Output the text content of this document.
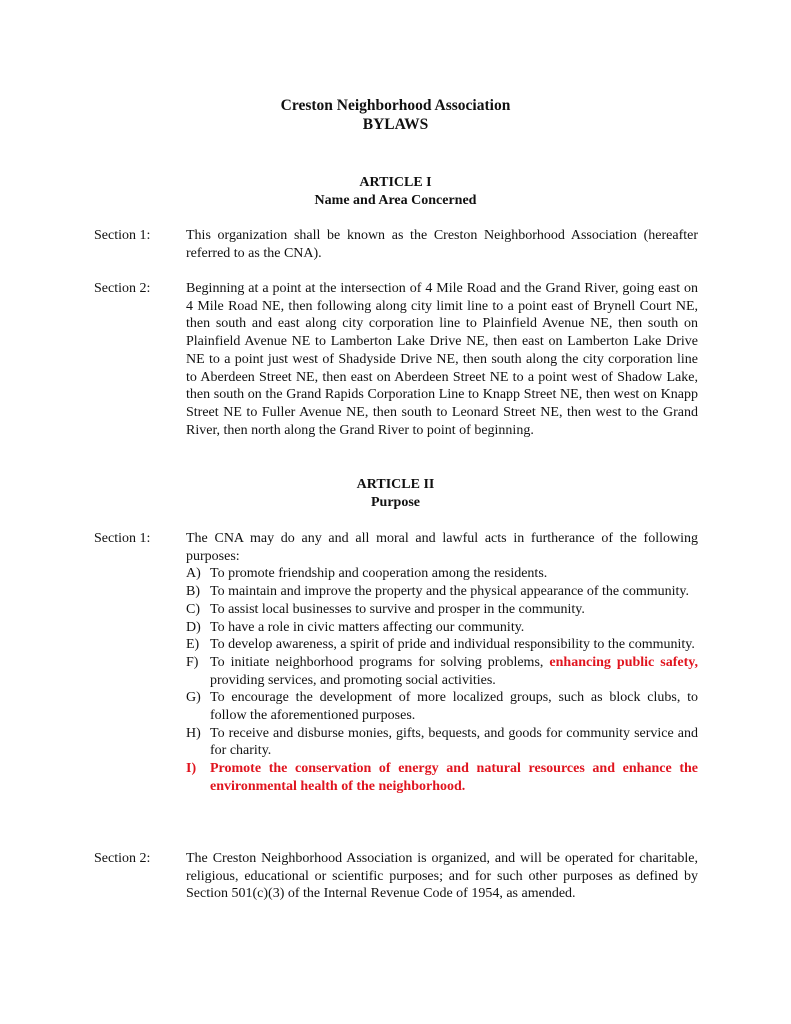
Creston Neighborhood Association
BYLAWS
ARTICLE I
Name and Area Concerned
Section 1:	This organization shall be known as the Creston Neighborhood Association (hereafter referred to as the CNA).

Section 2:	Beginning at a point at the intersection of 4 Mile Road and the Grand River, going east on 4 Mile Road NE, then following along city limit line to a point east of Brynell Court NE, then south and east along city corporation line to Plainfield Avenue NE, then south on Plainfield Avenue NE to Lamberton Lake Drive NE, then east on Lamberton Lake Drive NE to a point just west of Shadyside Drive NE, then south along the city corporation line to Aberdeen Street NE, then east on Aberdeen Street NE to a point west of Shadow Lake, then south on the Grand Rapids Corporation Line to Knapp Street NE, then west on Knapp Street NE to Fuller Avenue NE, then south to Leonard Street NE, then west to the Grand River, then north along the Grand River to point of beginning.

ARTICLE II
Purpose
Section 1:	The CNA may do any and all moral and lawful acts in furtherance of the following purposes:

A) To promote friendship and cooperation among the residents.
B) To maintain and improve the property and the physical appearance of the community.
C) To assist local businesses to survive and prosper in the community.
D) To have a role in civic matters affecting our community.
E) To develop awareness, a spirit of pride and individual responsibility to the community.
F) To initiate neighborhood programs for solving problems, enhancing public safety, providing services, and promoting social activities.
G) To encourage the development of more localized groups, such as block clubs, to follow the aforementioned purposes.
H) To receive and disburse monies, gifts, bequests, and goods for community service and for charity.
I) Promote the conservation of energy and natural resources and enhance the environmental health of the neighborhood.
Section 2:	The Creston Neighborhood Association is organized, and will be operated for charitable, religious, educational or scientific purposes; and for such other purposes as defined by Section 501(c)(3) of the Internal Revenue Code of 1954, as amended.
